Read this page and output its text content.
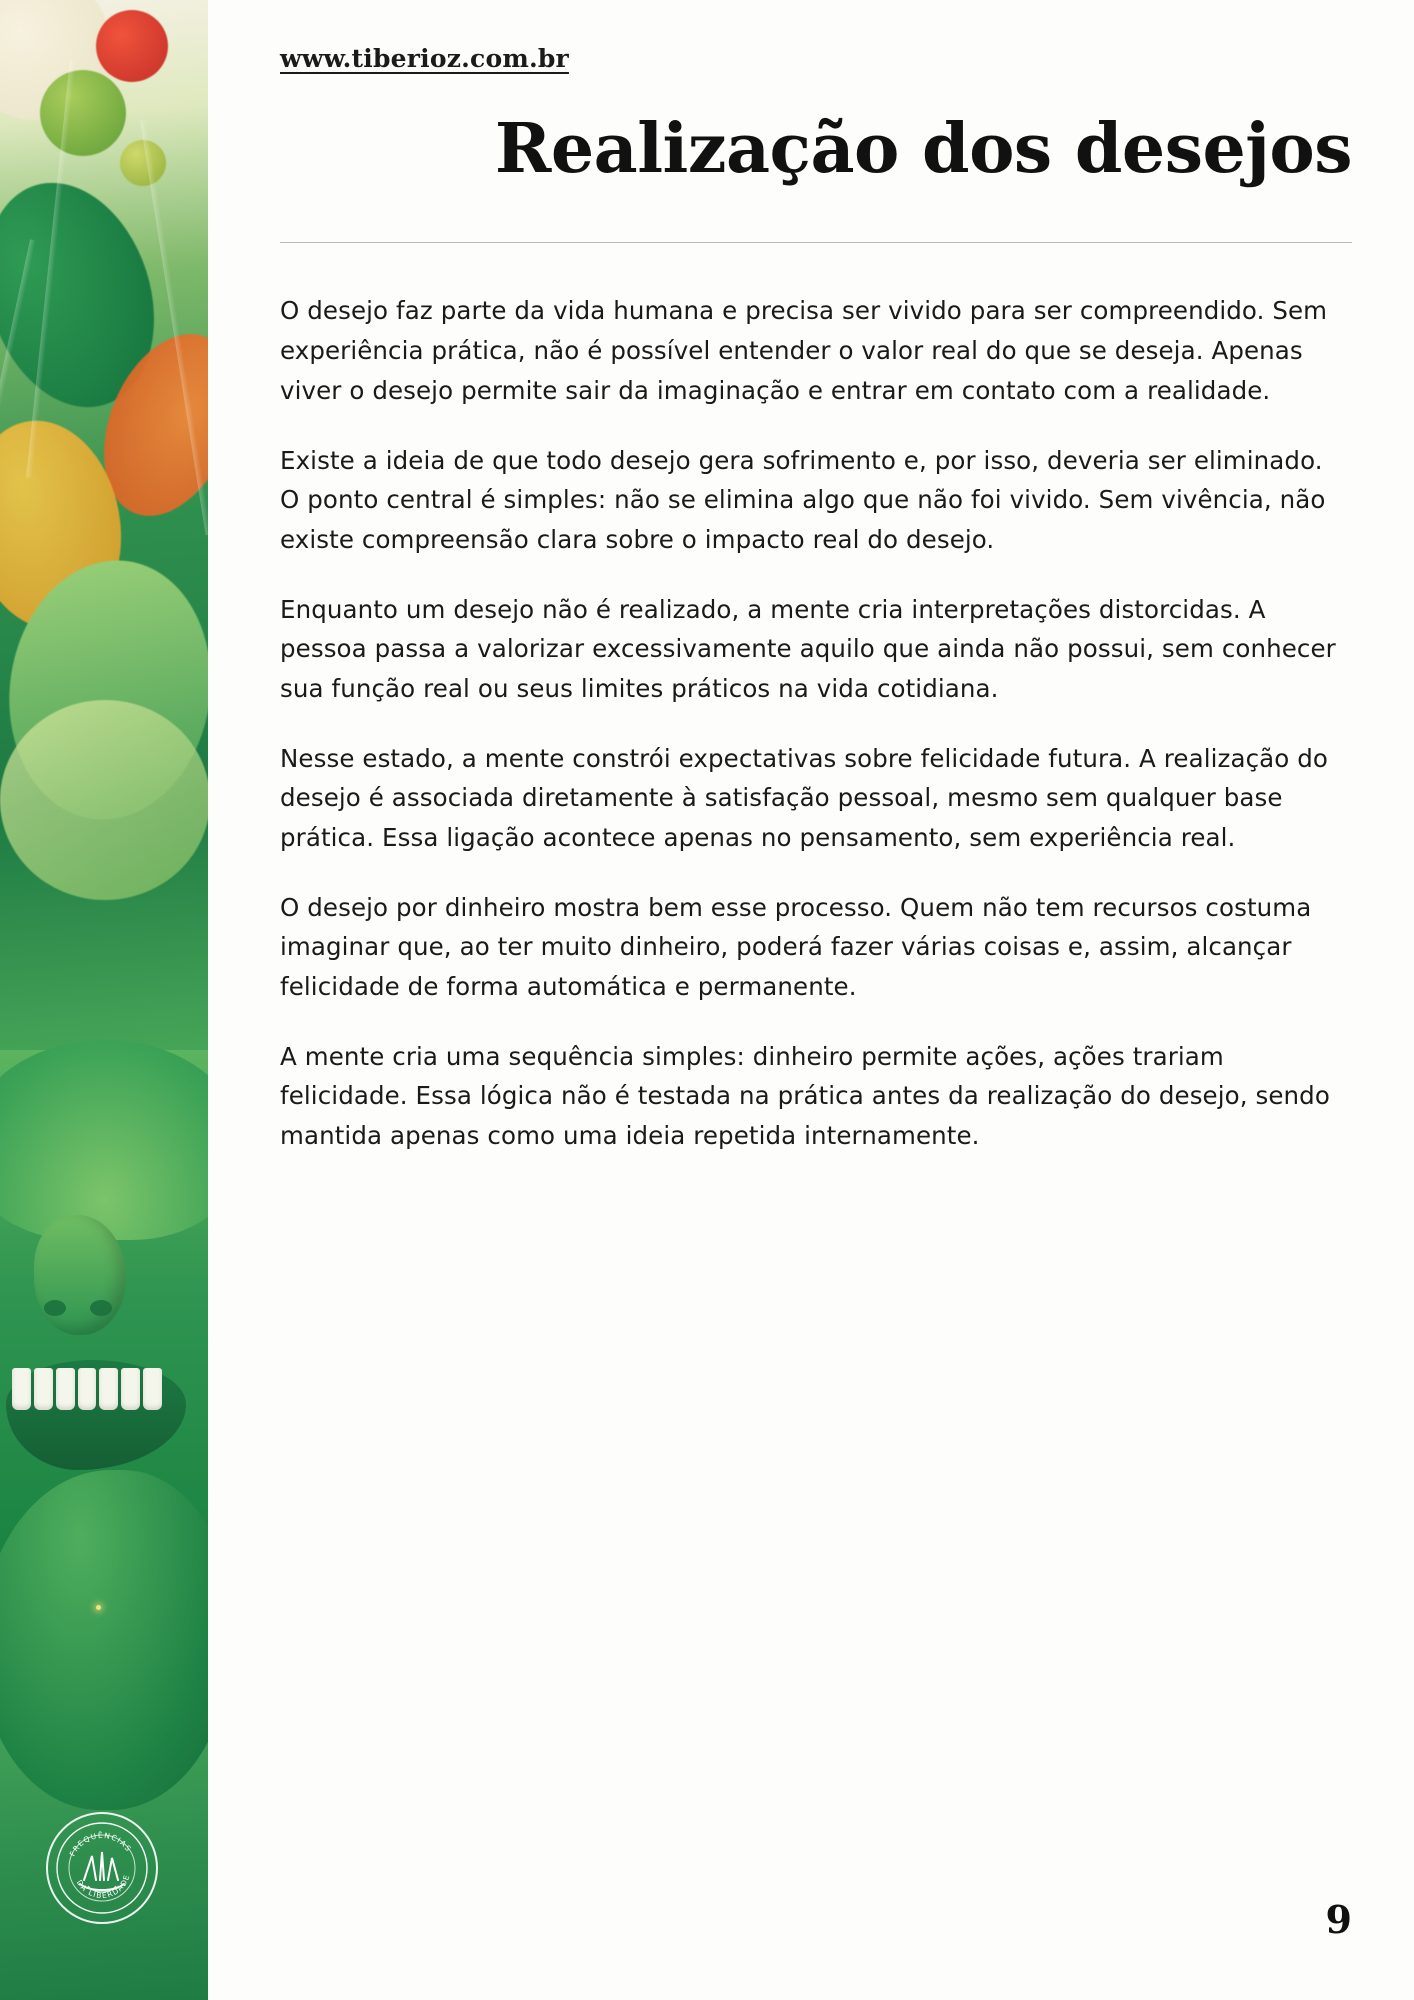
FREQUÊNCIAS
DA LIBERDADE
www.tiberioz.com.br
Realização dos desejos

O desejo faz parte da vida humana e precisa ser vivido para ser compreendido. Sem experiência prática, não é possível entender o valor real do que se deseja. Apenas viver o desejo permite sair da imaginação e entrar em contato com a realidade.

Existe a ideia de que todo desejo gera sofrimento e, por isso, deveria ser eliminado. O ponto central é simples: não se elimina algo que não foi vivido. Sem vivência, não existe compreensão clara sobre o impacto real do desejo.

Enquanto um desejo não é realizado, a mente cria interpretações distorcidas. A pessoa passa a valorizar excessivamente aquilo que ainda não possui, sem conhecer sua função real ou seus limites práticos na vida cotidiana.

Nesse estado, a mente constrói expectativas sobre felicidade futura. A realização do desejo é associada diretamente à satisfação pessoal, mesmo sem qualquer base prática. Essa ligação acontece apenas no pensamento, sem experiência real.

O desejo por dinheiro mostra bem esse processo. Quem não tem recursos costuma imaginar que, ao ter muito dinheiro, poderá fazer várias coisas e, assim, alcançar felicidade de forma automática e permanente.

A mente cria uma sequência simples: dinheiro permite ações, ações trariam felicidade. Essa lógica não é testada na prática antes da realização do desejo, sendo mantida apenas como uma ideia repetida internamente.

9
